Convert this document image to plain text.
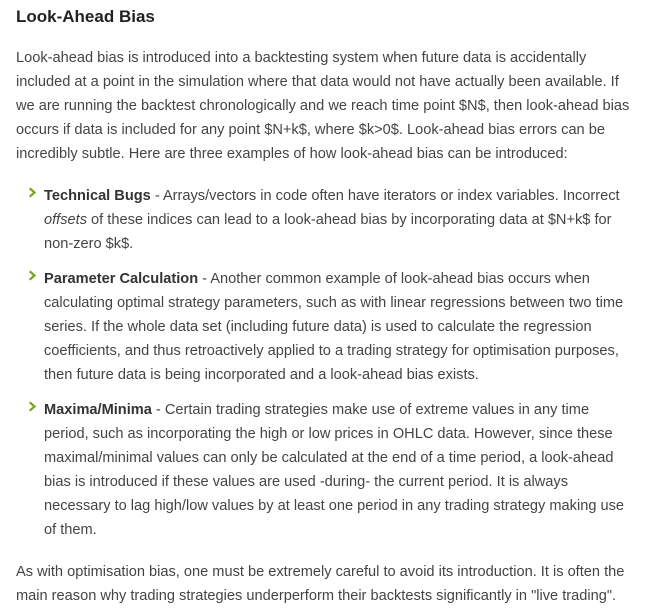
Look-Ahead Bias

Look-ahead bias is introduced into a backtesting system when future data is accidentally included at a point in the simulation where that data would not have actually been available. If we are running the backtest chronologically and we reach time point $N$, then look-ahead bias occurs if data is included for any point $N+k$, where $k>0$. Look-ahead bias errors can be incredibly subtle. Here are three examples of how look-ahead bias can be introduced:

Technical Bugs - Arrays/vectors in code often have iterators or index variables. Incorrect offsets of these indices can lead to a look-ahead bias by incorporating data at $N+k$ for non-zero $k$.
Parameter Calculation - Another common example of look-ahead bias occurs when calculating optimal strategy parameters, such as with linear regressions between two time series. If the whole data set (including future data) is used to calculate the regression coefficients, and thus retroactively applied to a trading strategy for optimisation purposes, then future data is being incorporated and a look-ahead bias exists.
Maxima/Minima - Certain trading strategies make use of extreme values in any time period, such as incorporating the high or low prices in OHLC data. However, since these maximal/minimal values can only be calculated at the end of a time period, a look-ahead bias is introduced if these values are used -during- the current period. It is always necessary to lag high/low values by at least one period in any trading strategy making use of them.

As with optimisation bias, one must be extremely careful to avoid its introduction. It is often the main reason why trading strategies underperform their backtests significantly in "live trading".
